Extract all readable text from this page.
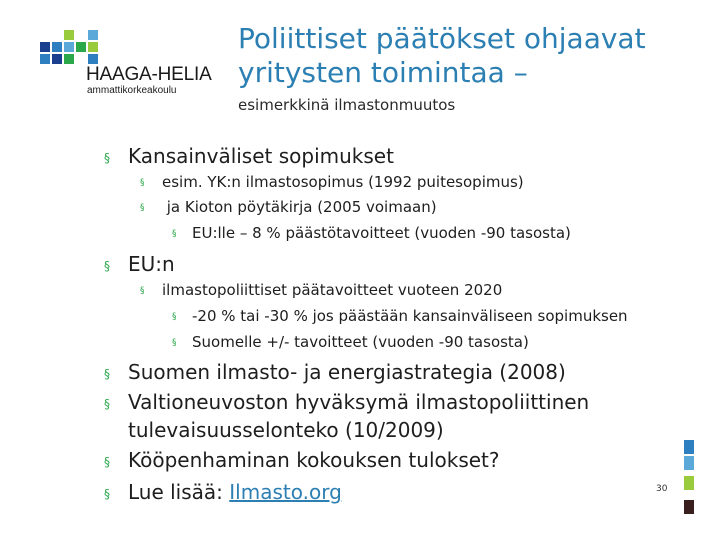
HAAGA-HELIA
ammattikorkeakoulu
Poliittiset päätökset ohjaavat yritysten toimintaa –
esimerkkinä ilmastonmuutos
§ Kansainväliset sopimukset
§ esim. YK:n ilmastosopimus (1992 puitesopimus)
§ ja Kioton pöytäkirja (2005 voimaan)
§ EU:lle – 8 % päästötavoitteet (vuoden -90 tasosta)
§ EU:n
§ ilmastopoliittiset päätavoitteet vuoteen 2020
§ -20 % tai -30 % jos päästään kansainväliseen sopimuksen
§ Suomelle +/- tavoitteet (vuoden -90 tasosta)
§ Suomen ilmasto- ja energiastrategia (2008)
§ Valtioneuvoston hyväksymä ilmastopoliittinen
tulevaisuusselonteko (10/2009)
§ Kööpenhaminan kokouksen tulokset?
§ Lue lisää: Ilmasto.org	30
